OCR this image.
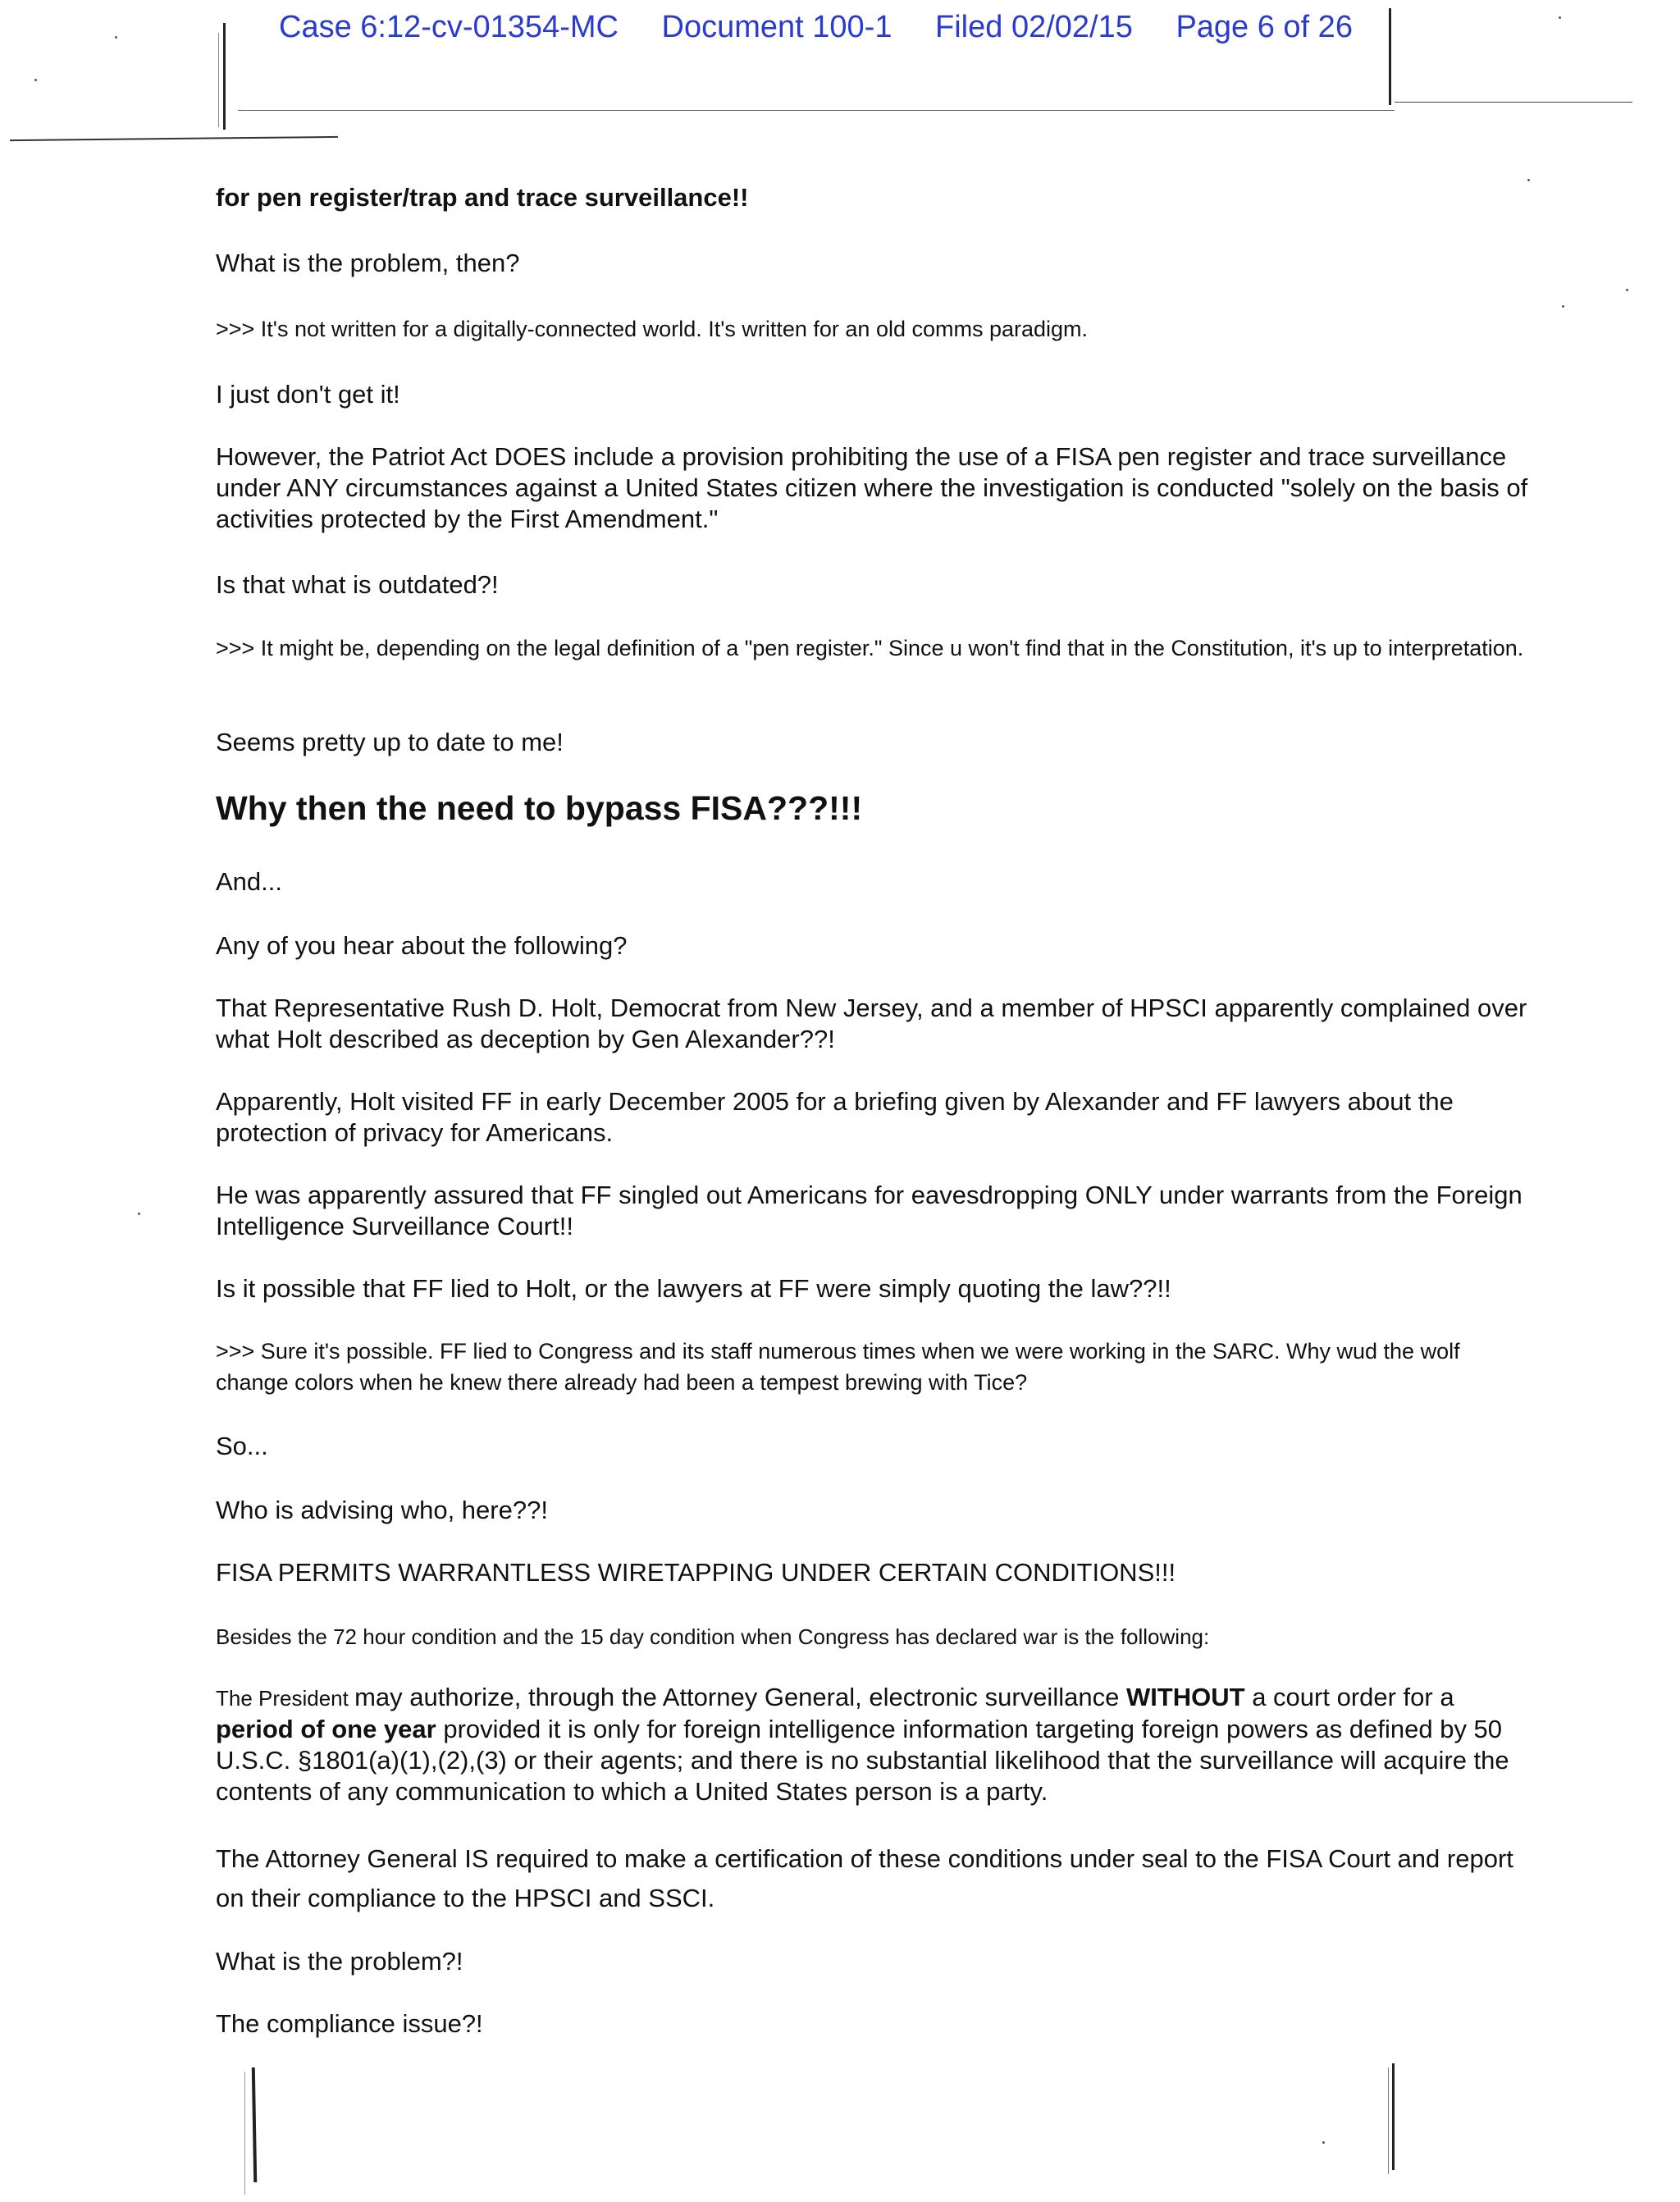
Case 6:12-cv-01354-MC Document 100-1 Filed 02/02/15 Page 6 of 26

for pen register/trap and trace surveillance!!

What is the problem, then?

>>> It's not written for a digitally-connected world. It's written for an old comms paradigm.

I just don't get it!

However, the Patriot Act DOES include a provision prohibiting the use of a FISA pen register and trace surveillance under ANY circumstances against a United States citizen where the investigation is conducted "solely on the basis of activities protected by the First Amendment."

Is that what is outdated?!

>>> It might be, depending on the legal definition of a "pen register." Since u won't find that in the Constitution, it's up to interpretation.

Seems pretty up to date to me!

Why then the need to bypass FISA???!!!

And...

Any of you hear about the following?

That Representative Rush D. Holt, Democrat from New Jersey, and a member of HPSCI apparently complained over what Holt described as deception by Gen Alexander??!

Apparently, Holt visited FF in early December 2005 for a briefing given by Alexander and FF lawyers about the protection of privacy for Americans.

He was apparently assured that FF singled out Americans for eavesdropping ONLY under warrants from the Foreign Intelligence Surveillance Court!!

Is it possible that FF lied to Holt, or the lawyers at FF were simply quoting the law??!!

>>> Sure it's possible. FF lied to Congress and its staff numerous times when we were working in the SARC. Why wud the wolf change colors when he knew there already had been a tempest brewing with Tice?

So...

Who is advising who, here??!

FISA PERMITS WARRANTLESS WIRETAPPING UNDER CERTAIN CONDITIONS!!!

Besides the 72 hour condition and the 15 day condition when Congress has declared war is the following:

The President may authorize, through the Attorney General, electronic surveillance WITHOUT a court order for a period of one year provided it is only for foreign intelligence information targeting foreign powers as defined by 50 U.S.C. §1801(a)(1),(2),(3) or their agents; and there is no substantial likelihood that the surveillance will acquire the contents of any communication to which a United States person is a party.

The Attorney General IS required to make a certification of these conditions under seal to the FISA Court and report on their compliance to the HPSCI and SSCI.

What is the problem?!

The compliance issue?!
